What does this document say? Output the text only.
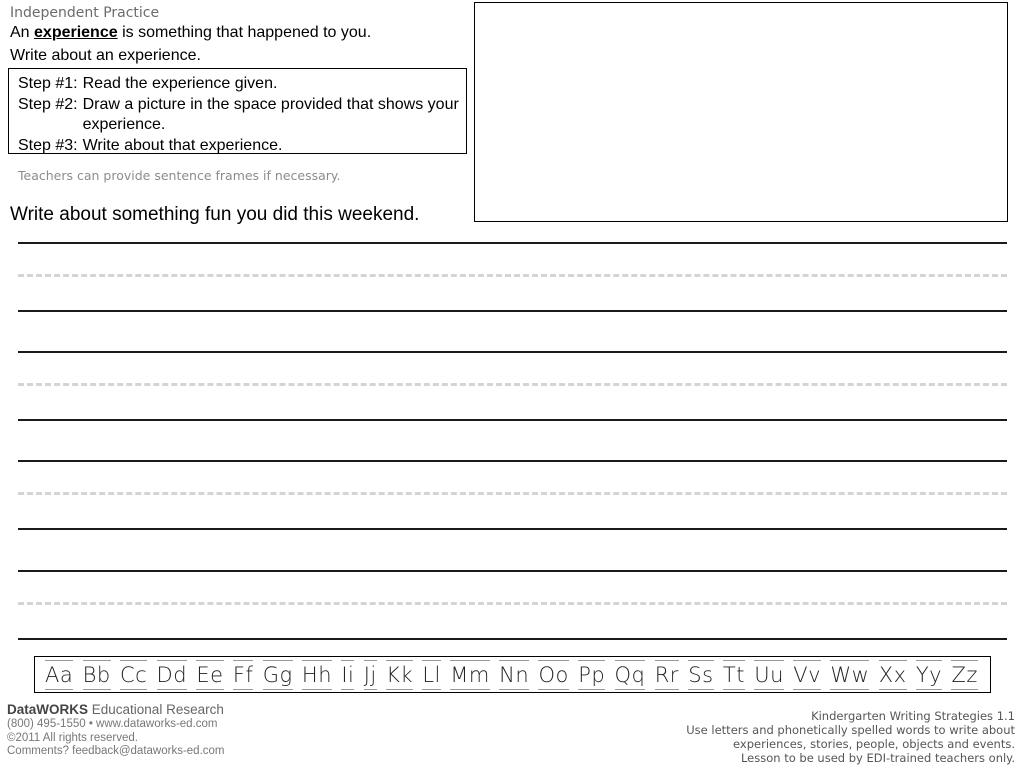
Independent Practice
An experience is something that happened to you.
Write about an experience.
Step #1: Read the experience given.
Step #2: Draw a picture in the space provided that shows your experience.
Step #3: Write about that experience.
Teachers can provide sentence frames if necessary.
Write about something fun you did this weekend.
Aa Bb Cc Dd Ee Ff Gg Hh Ii Jj Kk Ll Mm Nn Oo Pp Qq Rr Ss Tt Uu Vv Ww Xx Yy Zz
DataWORKS Educational Research
(800) 495-1550 • www.dataworks-ed.com
©2011 All rights reserved.
Comments? feedback@dataworks-ed.com
Kindergarten Writing Strategies 1.1
Use letters and phonetically spelled words to write about
experiences, stories, people, objects and events.
Lesson to be used by EDI-trained teachers only.
